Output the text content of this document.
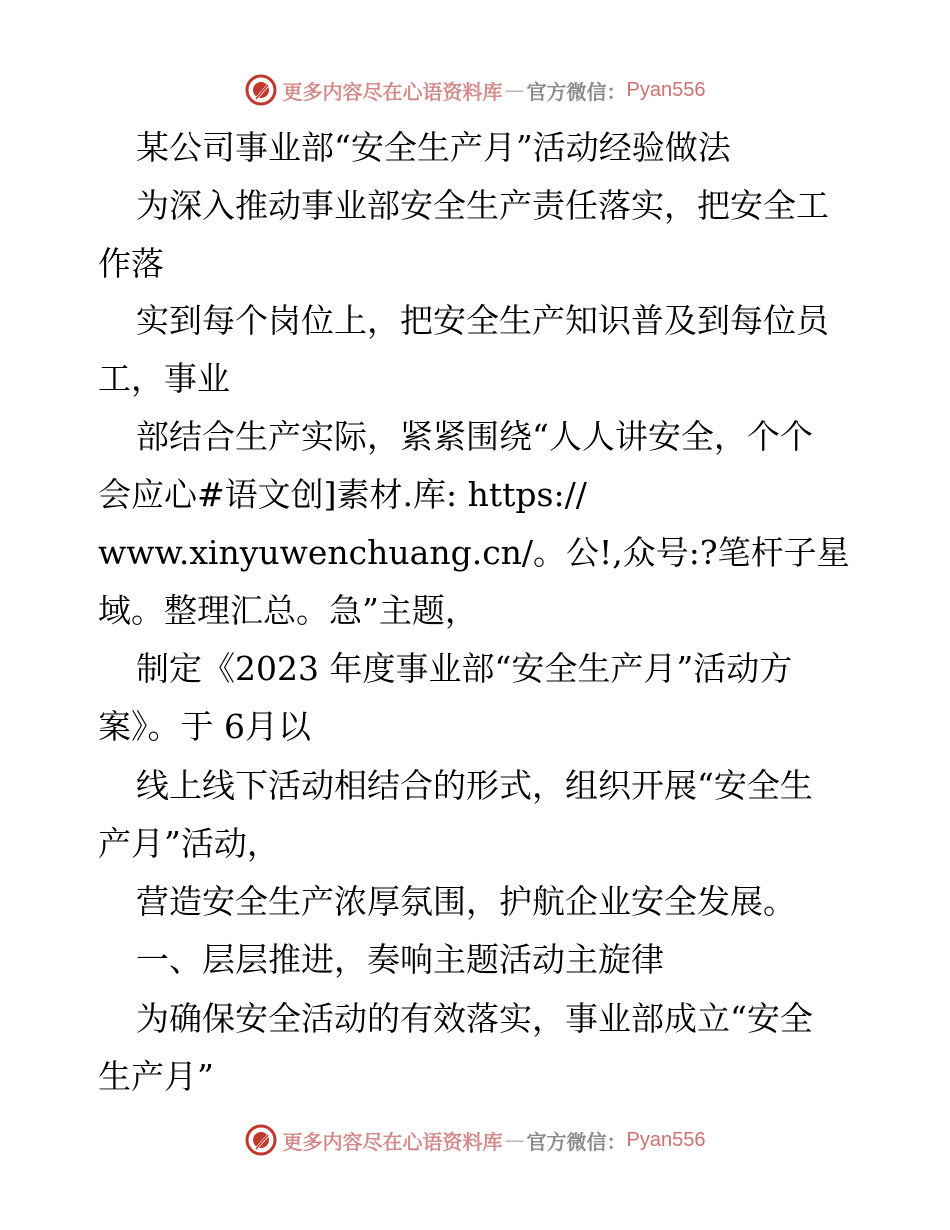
更多内容尽在心语资料库 — 官方微信： Pyan556
某公司事业部“安全生产月”活动经验做法
为深入推动事业部安全生产责任落实，把安全工
作落
实到每个岗位上，把安全生产知识普及到每位员
工，事业
部结合生产实际，紧紧围绕“人人讲安全，个个
会应心#语文创]素材.库: https://
www.xinyuwenchuang.cn/。公!,众号:?笔杆子星
域。整理汇总。急”主题，
制定《2023 年度事业部“安全生产月”活动方
案》。于 6月以
线上线下活动相结合的形式，组织开展“安全生
产月”活动，
营造安全生产浓厚氛围，护航企业安全发展。
一、层层推进，奏响主题活动主旋律
为确保安全活动的有效落实，事业部成立“安全
生产月”
更多内容尽在心语资料库 — 官方微信： Pyan556
